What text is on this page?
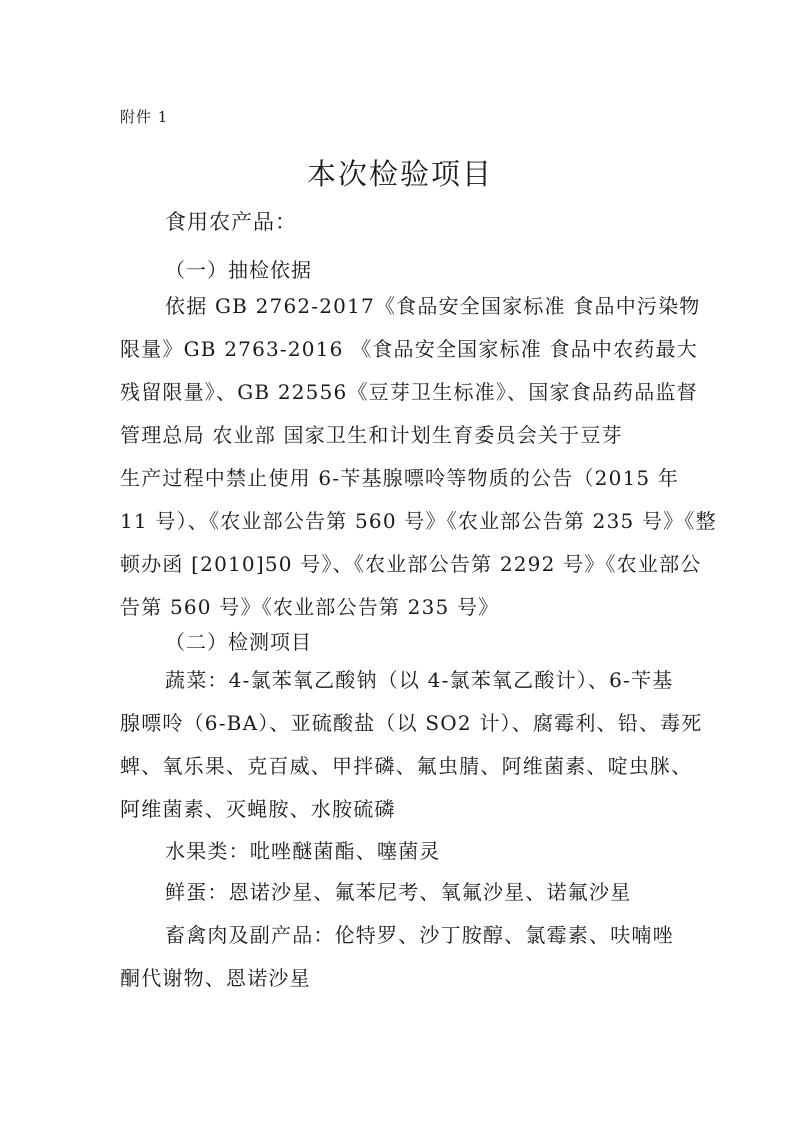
附件 1
本次检验项目
食用农产品：
（一）抽检依据
依据 GB 2762-2017《食品安全国家标准 食品中污染物
限量》GB 2763-2016 《食品安全国家标准 食品中农药最大
残留限量》、GB 22556《豆芽卫生标准》、国家食品药品监督
管理总局 农业部 国家卫生和计划生育委员会关于豆芽
生产过程中禁止使用 6-苄基腺嘌呤等物质的公告（2015 年
11 号）、《农业部公告第 560 号》《农业部公告第 235 号》《整
顿办函 [2010]50 号》、《农业部公告第 2292 号》《农业部公
告第 560 号》《农业部公告第 235 号》
（二）检测项目
蔬菜：4-氯苯氧乙酸钠（以 4-氯苯氧乙酸计）、6-苄基
腺嘌呤（6-BA）、亚硫酸盐（以 SO2 计）、腐霉利、铅、毒死
蜱、氧乐果、克百威、甲拌磷、氟虫腈、阿维菌素、啶虫脒、
阿维菌素、灭蝇胺、水胺硫磷
水果类：吡唑醚菌酯、噻菌灵
鲜蛋：恩诺沙星、氟苯尼考、氧氟沙星、诺氟沙星
畜禽肉及副产品：伦特罗、沙丁胺醇、氯霉素、呋喃唑
酮代谢物、恩诺沙星
